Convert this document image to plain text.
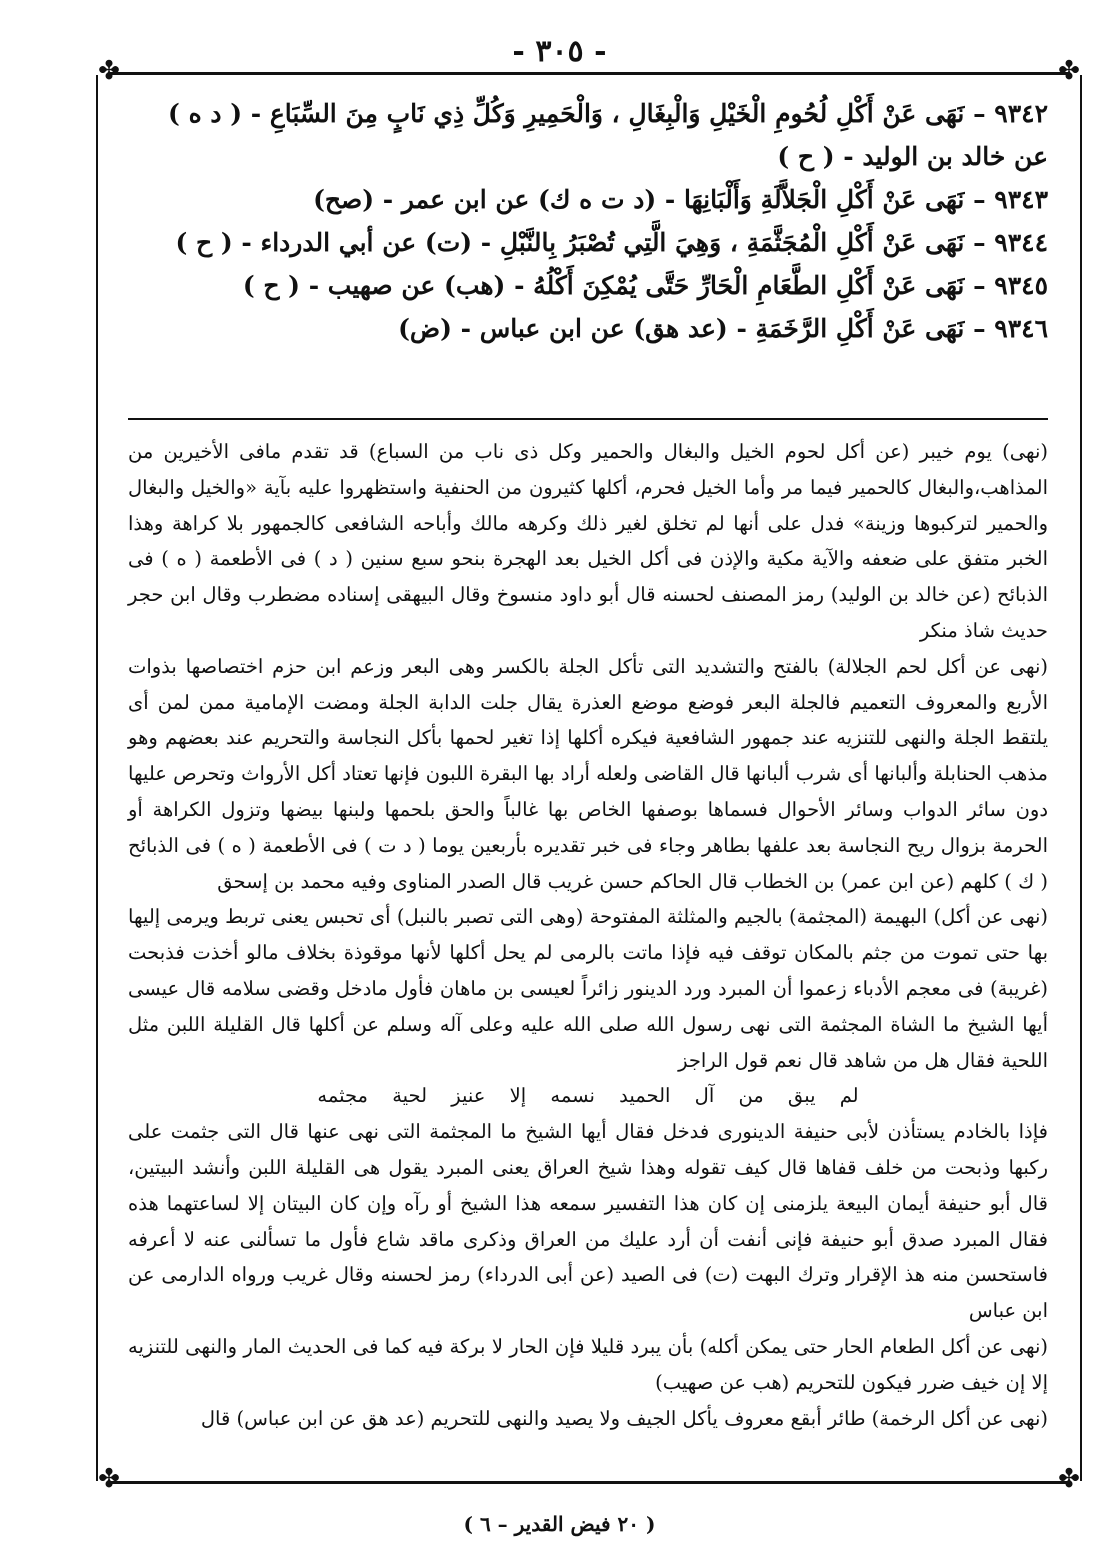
- ٣٠٥ -
✤	✤
✤	✤

٩٣٤٢ – نَهَى عَنْ أَكْلِ لُحُومِ الْخَيْلِ وَالْبِغَالِ ، وَالْحَمِيرِ وَكُلِّ ذِي نَابٍ مِنَ السِّبَاعِ - ( د ه ) عن خالد بن الوليد - ( ح )

٩٣٤٣ – نَهَى عَنْ أَكْلِ الْجَلاَّلَةِ وَأَلْبَانِهَا - (د ت ه ك) عن ابن عمر - (صح)

٩٣٤٤ – نَهَى عَنْ أَكْلِ الْمُجَثَّمَةِ ، وَهِيَ الَّتِي تُصْبَرُ بِالنَّبْلِ - (ت) عن أبي الدرداء - ( ح )

٩٣٤٥ – نَهَى عَنْ أَكْلِ الطَّعَامِ الْحَارِّ حَتَّى يُمْكِنَ أَكْلُهُ - (هب) عن صهيب - ( ح )

٩٣٤٦ – نَهَى عَنْ أَكْلِ الرَّخَمَةِ - (عد هق) عن ابن عباس - (ض)

(نهى) يوم خيبر (عن أكل لحوم الخيل والبغال والحمير وكل ذى ناب من السباع) قد تقدم مافى الأخيرين من المذاهب،والبغال كالحمير فيما مر وأما الخيل فحرم، أكلها كثيرون من الحنفية واستظهروا عليه بآية «والخيل والبغال والحمير لتركبوها وزينة» فدل على أنها لم تخلق لغير ذلك وكرهه مالك وأباحه الشافعى كالجمهور بلا كراهة وهذا الخبر متفق على ضعفه والآية مكية والإذن فى أكل الخيل بعد الهجرة بنحو سبع سنين ( د ) فى الأطعمة ( ه ) فى الذبائح (عن خالد بن الوليد) رمز المصنف لحسنه قال أبو داود منسوخ وقال البيهقى إسناده مضطرب وقال ابن حجر حديث شاذ منكر

(نهى عن أكل لحم الجلالة) بالفتح والتشديد التى تأكل الجلة بالكسر وهى البعر وزعم ابن حزم اختصاصها بذوات الأربع والمعروف التعميم فالجلة البعر فوضع موضع العذرة يقال جلت الدابة الجلة ومضت الإمامية ممن لمن أى يلتقط الجلة والنهى للتنزيه عند جمهور الشافعية فيكره أكلها إذا تغير لحمها بأكل النجاسة والتحريم عند بعضهم وهو مذهب الحنابلة وألبانها أى شرب ألبانها قال القاضى ولعله أراد بها البقرة اللبون فإنها تعتاد أكل الأرواث وتحرص عليها دون سائر الدواب وسائر الأحوال فسماها بوصفها الخاص بها غالباً والحق بلحمها ولبنها بيضها وتزول الكراهة أو الحرمة بزوال ريح النجاسة بعد علفها بطاهر وجاء فى خبر تقديره بأربعين يوما ( د ت ) فى الأطعمة ( ه ) فى الذبائح ( ك ) كلهم (عن ابن عمر) بن الخطاب قال الحاكم حسن غريب قال الصدر المناوى وفيه محمد بن إسحق

(نهى عن أكل) البهيمة (المجثمة) بالجيم والمثلثة المفتوحة (وهى التى تصبر بالنبل) أى تحبس يعنى تربط ويرمى إليها بها حتى تموت من جثم بالمكان توقف فيه فإذا ماتت بالرمى لم يحل أكلها لأنها موقوذة بخلاف مالو أخذت فذبحت (غريبة) فى معجم الأدباء زعموا أن المبرد ورد الدينور زائراً لعيسى بن ماهان فأول مادخل وقضى سلامه قال عيسى أيها الشيخ ما الشاة المجثمة التى نهى رسول الله صلى الله عليه وعلى آله وسلم عن أكلها قال القليلة اللبن مثل اللحية فقال هل من شاهد قال نعم قول الراجز

لم يبق من آل الحميد نسمه إلا عنيز لحية مجثمه

فإذا بالخادم يستأذن لأبى حنيفة الدينورى فدخل فقال أيها الشيخ ما المجثمة التى نهى عنها قال التى جثمت على ركبها وذبحت من خلف قفاها قال كيف تقوله وهذا شيخ العراق يعنى المبرد يقول هى القليلة اللبن وأنشد البيتين، قال أبو حنيفة أيمان البيعة يلزمنى إن كان هذا التفسير سمعه هذا الشيخ أو رآه وإن كان البيتان إلا لساعتهما هذه فقال المبرد صدق أبو حنيفة فإنى أنفت أن أرد عليك من العراق وذكرى ماقد شاع فأول ما تسألنى عنه لا أعرفه فاستحسن منه هذ الإقرار وترك البهت (ت) فى الصيد (عن أبى الدرداء) رمز لحسنه وقال غريب ورواه الدارمى عن ابن عباس

(نهى عن أكل الطعام الحار حتى يمكن أكله) بأن يبرد قليلا فإن الحار لا بركة فيه كما فى الحديث المار والنهى للتنزيه إلا إن خيف ضرر فيكون للتحريم (هب عن صهيب)

(نهى عن أكل الرخمة) طائر أبقع معروف يأكل الجيف ولا يصيد والنهى للتحريم (عد هق عن ابن عباس) قال

( ٢٠ فيض القدير – ٦ )
